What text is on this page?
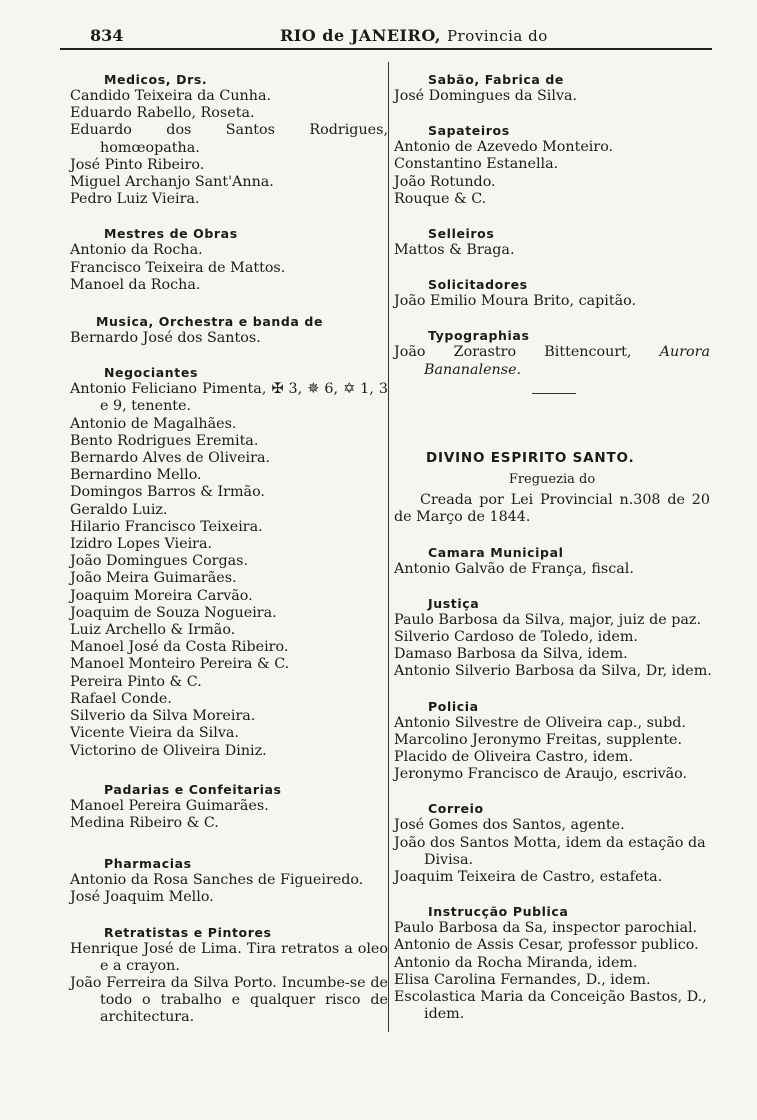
834	RIO de JANEIRO, Provincia do
Medicos, Drs.
Candido Teixeira da Cunha.
Eduardo Rabello, Roseta.
Eduardo dos Santos Rodrigues, homœopatha.
José Pinto Ribeiro.
Miguel Archanjo Sant'Anna.
Pedro Luiz Vieira.
Mestres de Obras
Antonio da Rocha.
Francisco Teixeira de Mattos.
Manoel da Rocha.
Musica, Orchestra e banda de
Bernardo José dos Santos.
Negociantes
Antonio Feliciano Pimenta, ✠ 3, ✵ 6, ✡ 1, 3 e 9, tenente.
Antonio de Magalhães.
Bento Rodrigues Eremita.
Bernardo Alves de Oliveira.
Bernardino Mello.
Domingos Barros & Irmão.
Geraldo Luiz.
Hilario Francisco Teixeira.
Izidro Lopes Vieira.
João Domingues Corgas.
João Meira Guimarães.
Joaquim Moreira Carvão.
Joaquim de Souza Nogueira.
Luiz Archello & Irmão.
Manoel José da Costa Ribeiro.
Manoel Monteiro Pereira & C.
Pereira Pinto & C.
Rafael Conde.
Silverio da Silva Moreira.
Vicente Vieira da Silva.
Victorino de Oliveira Diniz.
Padarias e Confeitarias
Manoel Pereira Guimarães.
Medina Ribeiro & C.
Pharmacias
Antonio da Rosa Sanches de Figueiredo.
José Joaquim Mello.
Retratistas e Pintores
Henrique José de Lima. Tira retratos a oleo e a crayon.
João Ferreira da Silva Porto. Incumbe-se de todo o trabalho e qualquer risco de architectura.
Sabão, Fabrica de
José Domingues da Silva.
Sapateiros
Antonio de Azevedo Monteiro.
Constantino Estanella.
João Rotundo.
Rouque & C.
Selleiros
Mattos & Braga.
Solicitadores
João Emilio Moura Brito, capitão.
Typographias
João Zorastro Bittencourt, Aurora Bananalense.
DIVINO ESPIRITO SANTO.
Freguezia do
Creada por Lei Provincial n.308 de 20 de Março de 1844.
Camara Municipal
Antonio Galvão de França, fiscal.
Justiça
Paulo Barbosa da Silva, major, juiz de paz.
Silverio Cardoso de Toledo, idem.
Damaso Barbosa da Silva, idem.
Antonio Silverio Barbosa da Silva, Dr, idem.
Policia
Antonio Silvestre de Oliveira cap., subd.
Marcolino Jeronymo Freitas, supplente.
Placido de Oliveira Castro, idem.
Jeronymo Francisco de Araujo, escrivão.
Correio
José Gomes dos Santos, agente.
João dos Santos Motta, idem da estação da Divisa.
Joaquim Teixeira de Castro, estafeta.
Instrucção Publica
Paulo Barbosa da Sa, inspector parochial.
Antonio de Assis Cesar, professor publico.
Antonio da Rocha Miranda, idem.
Elisa Carolina Fernandes, D., idem.
Escolastica Maria da Conceição Bastos, D., idem.
